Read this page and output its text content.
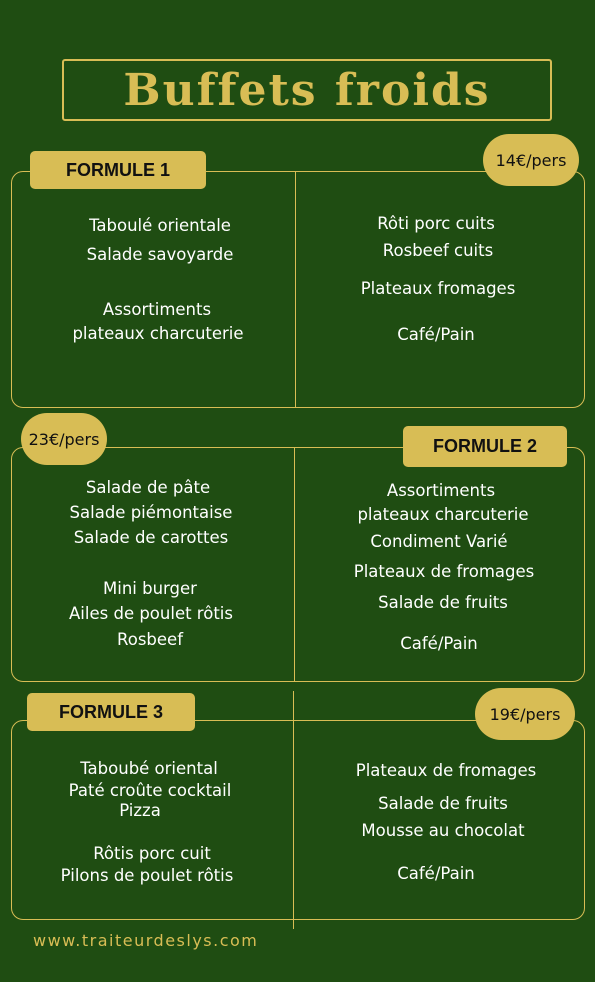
Buffets froids
FORMULE 1	14€/pers
Taboulé orientale
Salade savoyarde
Assortiments
plateaux charcuterie
Rôti porc cuits
Rosbeef cuits
Plateaux fromages
Café/Pain
23€/pers	FORMULE 2
Salade de pâte
Salade piémontaise
Salade de carottes
Mini burger
Ailes de poulet rôtis
Rosbeef
Assortiments
plateaux charcuterie
Condiment Varié
Plateaux de fromages
Salade de fruits
Café/Pain
FORMULE 3	19€/pers
Taboubé oriental
Paté croûte cocktail
Pizza
Rôtis porc cuit
Pilons de poulet rôtis
Plateaux de fromages
Salade de fruits
Mousse au chocolat
Café/Pain
www.traiteurdeslys.com
